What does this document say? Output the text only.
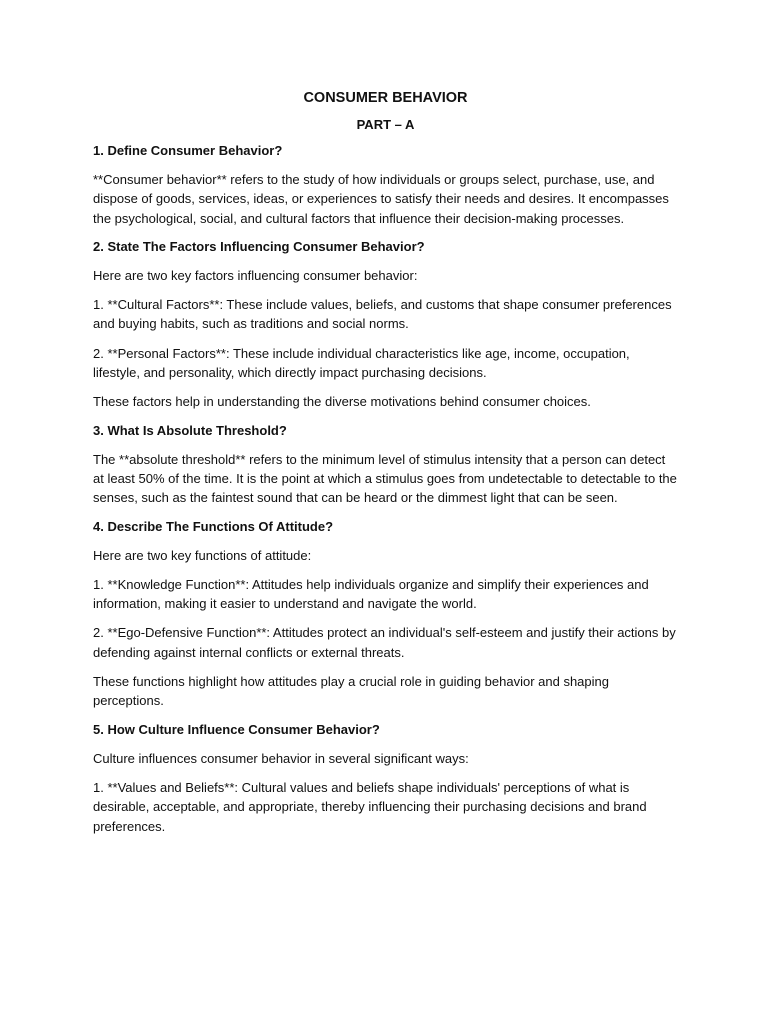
CONSUMER BEHAVIOR
PART – A
1. Define Consumer Behavior?

**Consumer behavior** refers to the study of how individuals or groups select, purchase, use, and dispose of goods, services, ideas, or experiences to satisfy their needs and desires. It encompasses the psychological, social, and cultural factors that influence their decision-making processes.

2. State The Factors Influencing Consumer Behavior?

Here are two key factors influencing consumer behavior:

1. **Cultural Factors**: These include values, beliefs, and customs that shape consumer preferences and buying habits, such as traditions and social norms.

2. **Personal Factors**: These include individual characteristics like age, income, occupation, lifestyle, and personality, which directly impact purchasing decisions.

These factors help in understanding the diverse motivations behind consumer choices.

3. What Is Absolute Threshold?

The **absolute threshold** refers to the minimum level of stimulus intensity that a person can detect at least 50% of the time. It is the point at which a stimulus goes from undetectable to detectable to the senses, such as the faintest sound that can be heard or the dimmest light that can be seen.

4. Describe The Functions Of Attitude?

Here are two key functions of attitude:

1. **Knowledge Function**: Attitudes help individuals organize and simplify their experiences and information, making it easier to understand and navigate the world.

2. **Ego-Defensive Function**: Attitudes protect an individual's self-esteem and justify their actions by defending against internal conflicts or external threats.

These functions highlight how attitudes play a crucial role in guiding behavior and shaping perceptions.

5. How Culture Influence Consumer Behavior?

Culture influences consumer behavior in several significant ways:

1. **Values and Beliefs**: Cultural values and beliefs shape individuals' perceptions of what is desirable, acceptable, and appropriate, thereby influencing their purchasing decisions and brand preferences.
